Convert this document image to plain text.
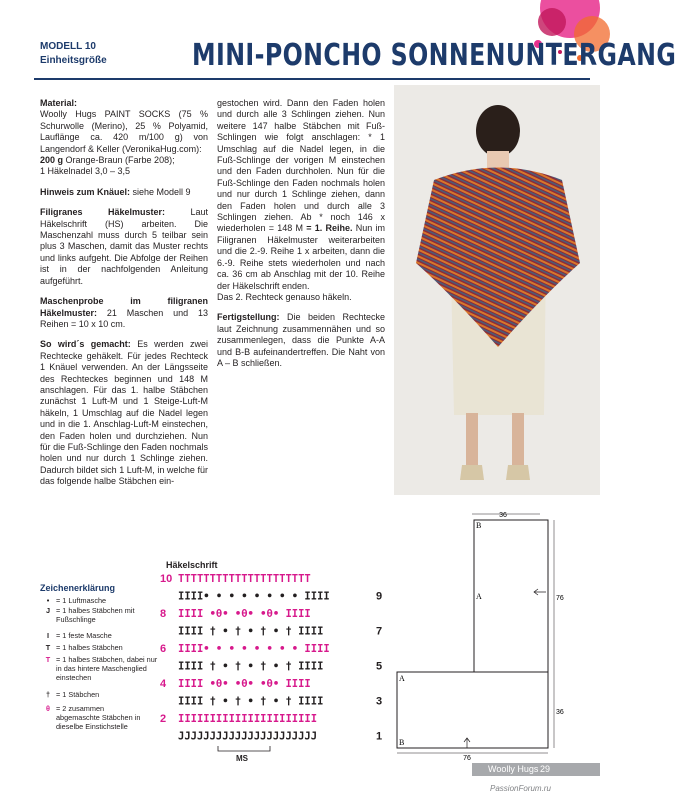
MODELL 10
Einheitsgröße	MINI-PONCHO SONNENUNTERGANG

Material:
Woolly Hugs PAINT SOCKS (75 % Schurwolle (Merino), 25 % Polyamid, Lauflänge ca. 420 m/100 g) von Langendorf & Keller (VeronikaHug.com):
200 g Orange-Braun (Farbe 208);
1 Häkelnadel 3,0 – 3,5

Hinweis zum Knäuel: siehe Modell 9

Filigranes Häkelmuster: Laut Häkelschrift (HS) arbeiten. Die Maschenzahl muss durch 5 teilbar sein plus 3 Maschen, damit das Muster rechts und links aufgeht. Die Abfolge der Reihen ist in der nachfolgenden Anleitung aufgeführt.

Maschenprobe im filigranen Häkelmuster: 21 Maschen und 13 Reihen = 10 x 10 cm.

So wird´s gemacht: Es werden zwei Rechtecke gehäkelt. Für jedes Rechteck 1 Knäuel verwenden. An der Längsseite des Rechteckes beginnen und 148 M anschlagen. Für das 1. halbe Stäbchen zunächst 1 Luft-M und 1 Steige-Luft-M häkeln, 1 Umschlag auf die Nadel legen und in die 1. Anschlag-Luft-M einstechen, den Faden holen und durchziehen. Nun für die Fuß-Schlinge den Faden nochmals holen und nur durch 1 Schlinge ziehen. Dadurch bildet sich 1 Luft-M, in welche für das folgende halbe Stäbchen ein-

gestochen wird. Dann den Faden holen und durch alle 3 Schlingen ziehen. Nun weitere 147 halbe Stäbchen mit Fuß-Schlingen wie folgt anschlagen: * 1 Umschlag auf die Nadel legen, in die Fuß-Schlinge der vorigen M einstechen und den Faden durchholen. Nun für die Fuß-Schlinge den Faden nochmals holen und nur durch 1 Schlinge ziehen, dann den Faden holen und durch alle 3 Schlingen ziehen. Ab * noch 146 x wiederholen = 148 M = 1. Reihe. Nun im Filigranen Häkelmuster weiterarbeiten und die 2.-9. Reihe 1 x arbeiten, dann die 6.-9. Reihe stets wiederholen und nach ca. 36 cm ab Anschlag mit der 10. Reihe der Häkelschrift enden.

Das 2. Rechteck genauso häkeln.

Fertigstellung: Die beiden Rechtecke laut Zeichnung zusammennähen und so zusammenlegen, dass die Punkte A-A und B-B aufeinandertreffen. Die Naht von A – B schließen.

Häkelschrift
TTTTTTTTTTTTTTTTTTTTT
IIII• • • • • • • • IIII
IIII •θ• •θ• •θ• IIII
IIII † • † • † • † IIII
IIII• • • • • • • • IIII
IIII † • † • † • † IIII
IIII •θ• •θ• •θ• IIII
IIII † • † • † • † IIII
IIIIIIIIIIIIIIIIIIIIII
JJJJJJJJJJJJJJJJJJJJJJ
10
8
6
4
2
9
7
5
3
1
MS
Zeichenerklärung
• = 1 Luftmasche
J = 1 halbes Stäbchen mit Fußschlinge
I = 1 feste Masche
T = 1 halbes Stäbchen
T = 1 halbes Stäbchen, dabei nur in das hintere Maschenglied einstechen
† = 1 Stäbchen
θ = 2 zusammen abgemaschte Stäbchen in dieselbe Einstichstelle
36
76
36
76
B
A
A
B
Woolly Hugs 29
PassionForum.ru
